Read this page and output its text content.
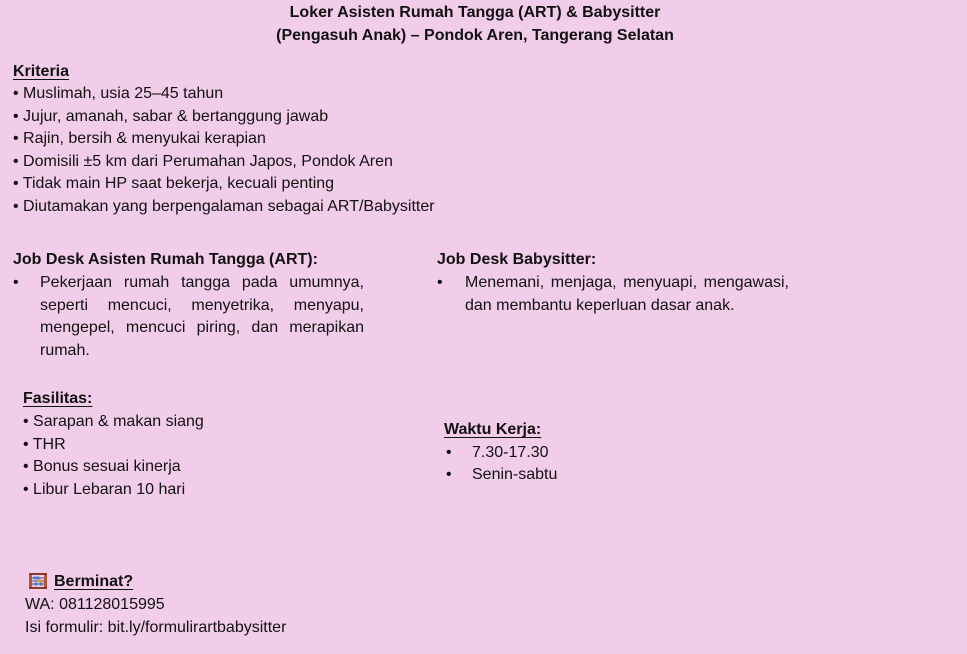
Loker Asisten Rumah Tangga (ART) & Babysitter (Pengasuh Anak) – Pondok Aren, Tangerang Selatan
Kriteria
• Muslimah, usia 25–45 tahun
• Jujur, amanah, sabar & bertanggung jawab
• Rajin, bersih & menyukai kerapian
• Domisili ±5 km dari Perumahan Japos, Pondok Aren
• Tidak main HP saat bekerja, kecuali penting
• Diutamakan yang berpengalaman sebagai ART/Babysitter
Job Desk Asisten Rumah Tangga (ART):
• Pekerjaan rumah tangga pada umumnya, seperti mencuci, menyetrika, menyapu, mengepel, mencuci piring, dan merapikan rumah.
Job Desk Babysitter:
• Menemani, menjaga, menyuapi, mengawasi, dan membantu keperluan dasar anak.
Fasilitas:
• Sarapan & makan siang
• THR
• Bonus sesuai kinerja
• Libur Lebaran 10 hari
Waktu Kerja:
• 7.30-17.30
• Senin-sabtu
Berminat?
WA: 081128015995
Isi formulir: bit.ly/formulirartbabysitter
